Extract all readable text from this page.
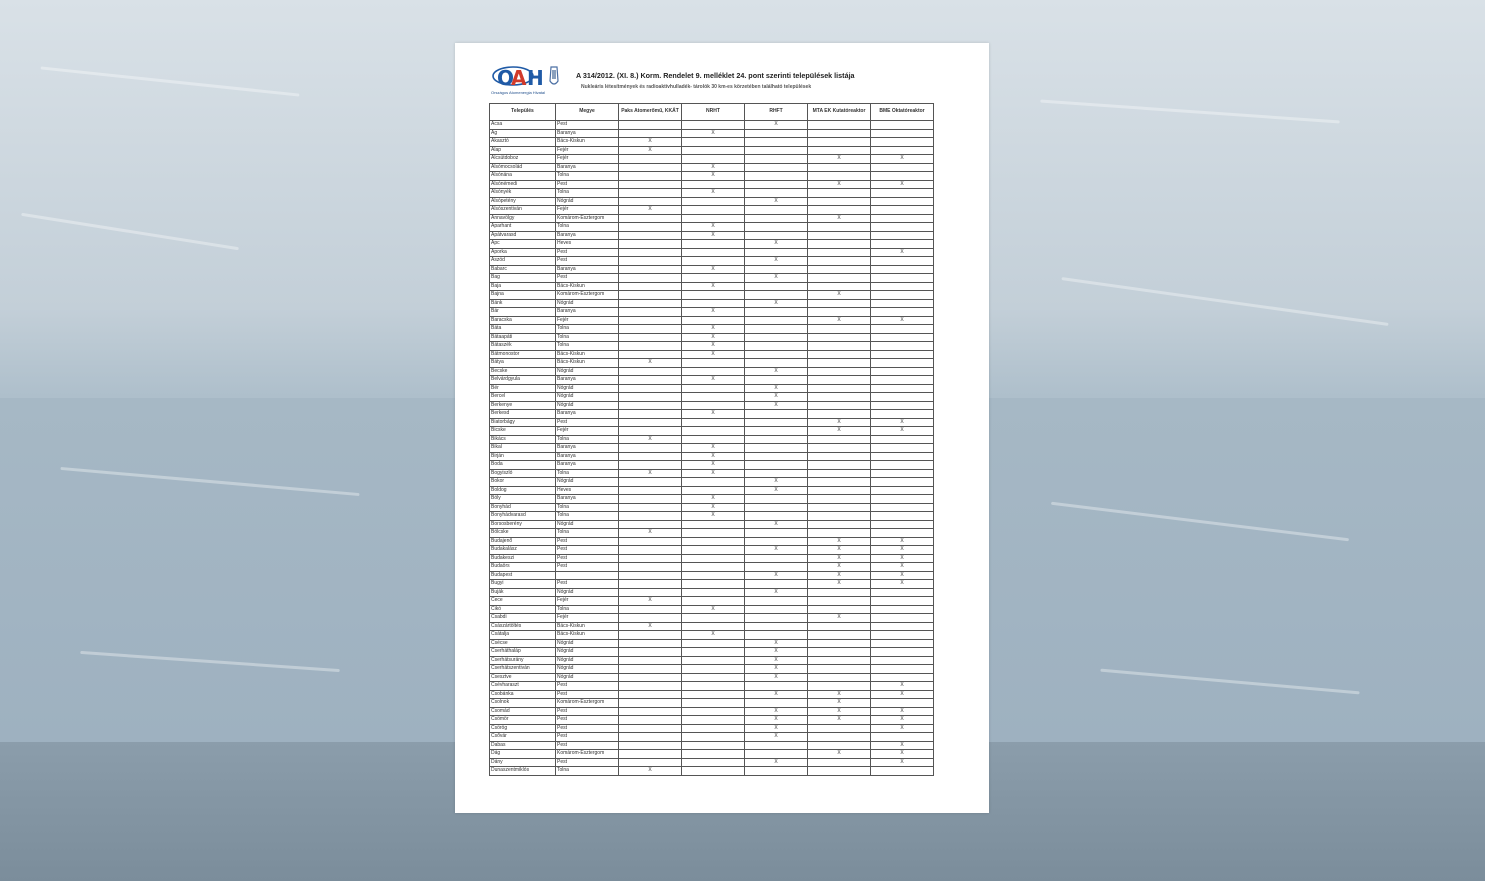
O
A H
Országos Atomenergia Hivatal
A 314/2012. (XI. 8.) Korm. Rendelet 9. melléklet 24. pont szerinti települések listája
Nukleáris létesítmények és radioaktívhulladék- tárolók 30 km-es körzetében található települések
Település	Megye	Paks Atomerőmű, KKÁT	NRHT	RHFT	MTA EK Kutatóreaktor	BME Oktatóreaktor
Acsa	Pest			X		
Ág	Baranya		X			
Akasztó	Bács-Kiskun	X				
Alap	Fejér	X				
Alcsútdoboz	Fejér				X	X
Alsómocsolád	Baranya		X			
Alsónána	Tolna		X			
Alsónémedi	Pest				X	X
Alsónyék	Tolna		X			
Alsópetény	Nógrád			X		
Alsószentiván	Fejér	X				
Annavölgy	Komárom-Esztergom				X	
Aparhant	Tolna		X			
Apátvarasd	Baranya		X			
Apc	Heves			X		
Áporka	Pest					X
Aszód	Pest			X		
Babarc	Baranya		X			
Bag	Pest			X		
Baja	Bács-Kiskun		X			
Bajna	Komárom-Esztergom				X	
Bánk	Nógrád			X		
Bár	Baranya		X			
Baracska	Fejér				X	X
Báta	Tolna		X			
Bátaapáti	Tolna		X			
Bátaszék	Tolna		X			
Bátmonostor	Bács-Kiskun		X			
Bátya	Bács-Kiskun	X				
Becske	Nógrád			X		
Belvárdgyula	Baranya		X			
Bér	Nógrád			X		
Bercel	Nógrád			X		
Berkenye	Nógrád			X		
Berkesd	Baranya		X			
Biatorbágy	Pest				X	X
Bicske	Fejér				X	X
Bikács	Tolna	X				
Bikal	Baranya		X			
Birján	Baranya		X			
Boda	Baranya		X			
Bogyiszló	Tolna	X	X			
Bokor	Nógrád			X		
Boldog	Heves			X		
Bóly	Baranya		X			
Bonyhád	Tolna		X			
Bonyhádvarasd	Tolna		X			
Borsosberény	Nógrád			X		
Bölcske	Tolna	X				
Budajenő	Pest				X	X
Budakalász	Pest			X	X	X
Budakeszi	Pest				X	X
Budaörs	Pest				X	X
Budapest				X	X	X
Bugyi	Pest				X	X
Buják	Nógrád			X		
Cece	Fejér	X				
Cikó	Tolna		X			
Csabdi	Fejér				X	
Császártöltés	Bács-Kiskun	X				
Csátalja	Bács-Kiskun		X			
Csécse	Nógrád			X		
Cserháthaláp	Nógrád			X		
Cserhátsurány	Nógrád			X		
Cserhátszentiván	Nógrád			X		
Csesztve	Nógrád			X		
Csévharaszt	Pest					X
Csobánka	Pest			X	X	X
Csolnok	Komárom-Esztergom				X	
Csomád	Pest			X	X	X
Csömör	Pest			X	X	X
Csörög	Pest			X		X
Csővár	Pest			X		
Dabas	Pest					X
Dág	Komárom-Esztergom				X	X
Dány	Pest			X		X
Dunaszentmiklós	Tolna	X				
